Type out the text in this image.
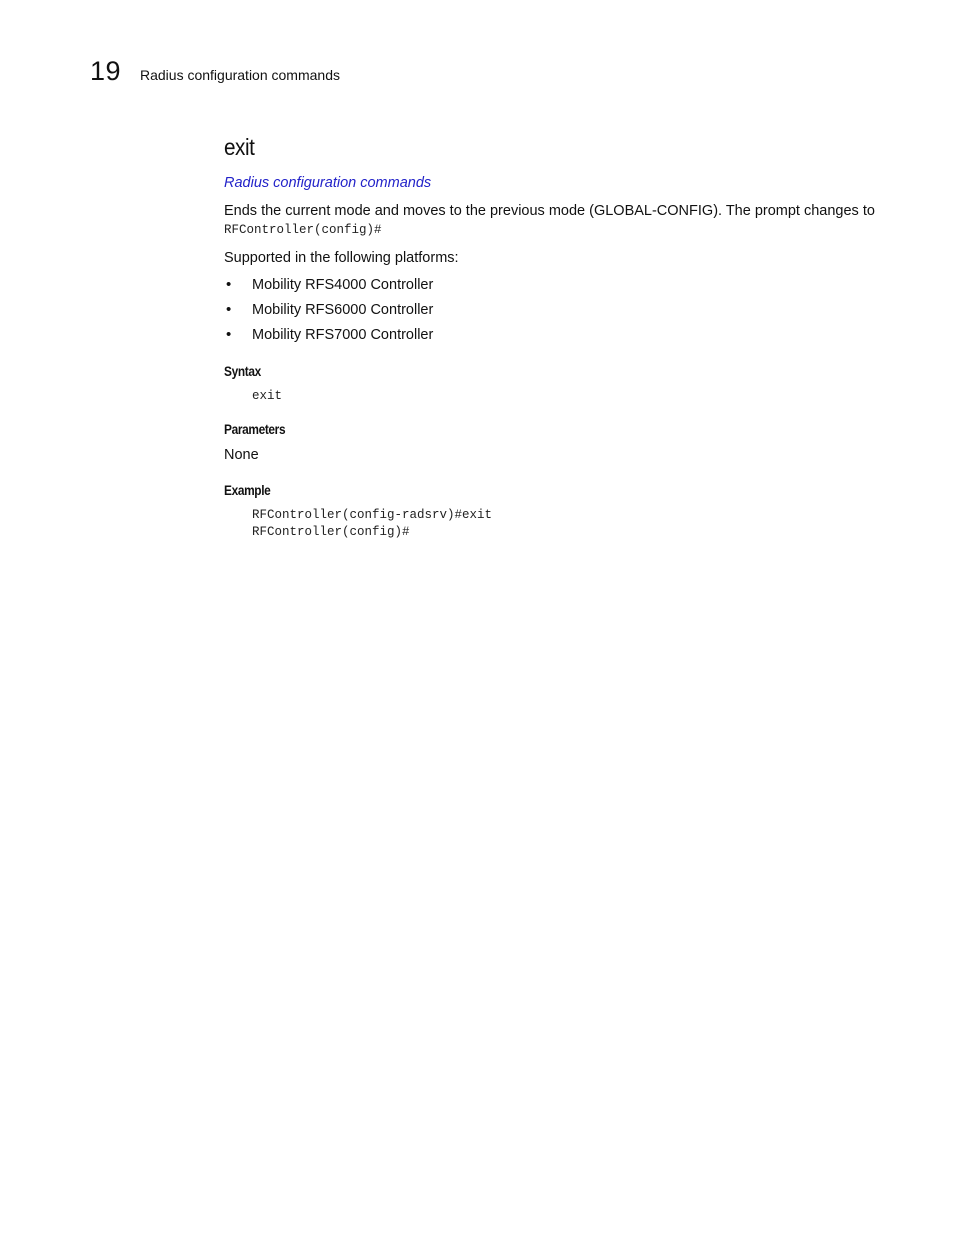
19 Radius configuration commands
exit
Radius configuration commands
Ends the current mode and moves to the previous mode (GLOBAL-CONFIG). The prompt changes to
RFController(config)#
Supported in the following platforms:
• Mobility RFS4000 Controller
• Mobility RFS6000 Controller
• Mobility RFS7000 Controller
Syntax
exit
Parameters
None
Example
RFController(config-radsrv)#exit
RFController(config)#
